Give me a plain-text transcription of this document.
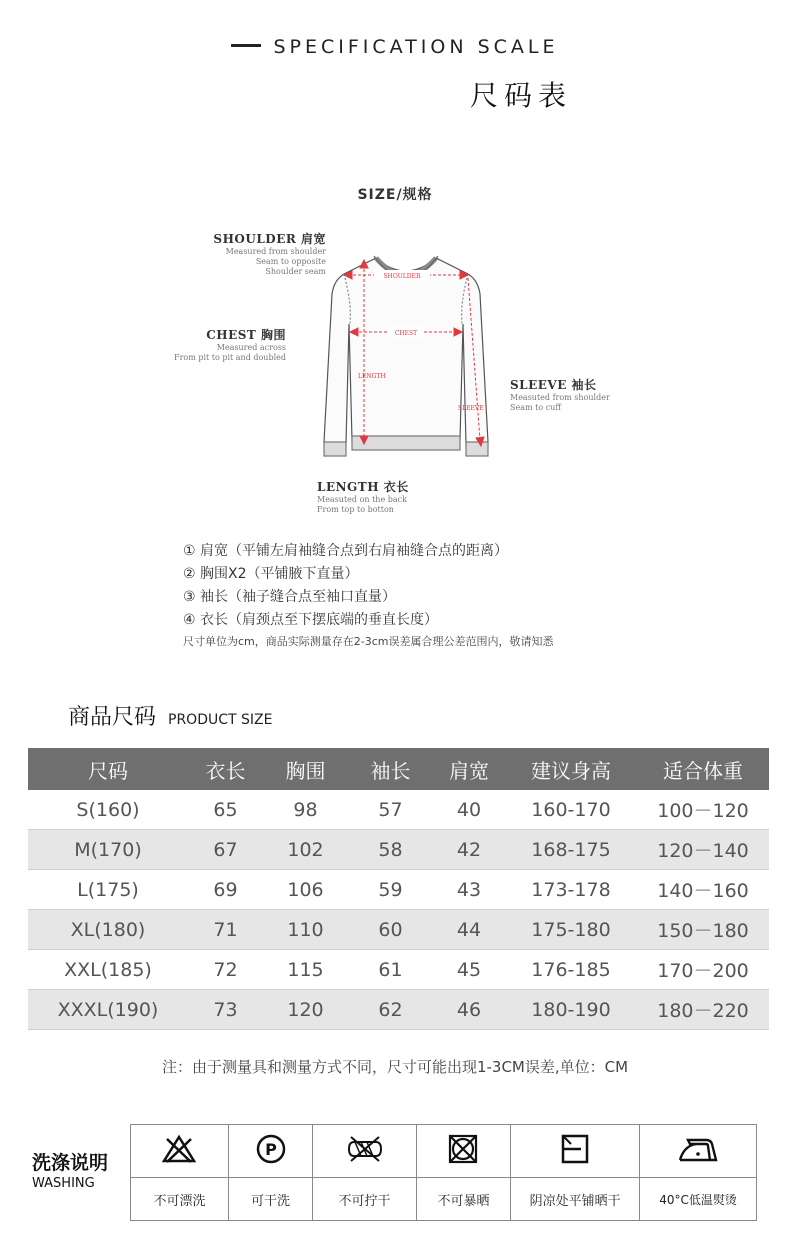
SPECIFICATION SCALE
尺码表
SIZE/规格
SHOULDER 肩宽
Measured from shoulder
Seam to opposite
Shoulder seam
CHEST 胸围
Measured across
From pit to pit and doubled
SLEEVE 袖长
Measuted from shoulder
Seam to cuff
LENGTH 衣长
Measuted on the back
From top to botton
SHOULDER
CHEST
LENGTH
SLEEVE
① 肩宽（平铺左肩袖缝合点到右肩袖缝合点的距离）
② 胸围X2（平铺腋下直量）
③ 袖长（袖子缝合点至袖口直量）
④ 衣长（肩颈点至下摆底端的垂直长度）
尺寸单位为cm，商品实际测量存在2-3cm误差属合理公差范围内，敬请知悉
商品尺码 PRODUCT SIZE
尺码	衣长	胸围	袖长	肩宽	建议身高	适合体重
S(160)	65	98	57	40	160-170	100－120
M(170)	67	102	58	42	168-175	120－140
L(175)	69	106	59	43	173-178	140－160
XL(180)	71	110	60	44	175-180	150－180
XXL(185)	72	115	61	45	176-185	170－200
XXXL(190)	73	120	62	46	180-190	180－220
注：由于测量具和测量方式不同，尺寸可能出现1-3CM误差,单位：CM
洗涤说明
WASHING

P

不可漂洗	可干洗	不可拧干	不可暴晒	阴凉处平铺晒干	40°C低温熨烫
